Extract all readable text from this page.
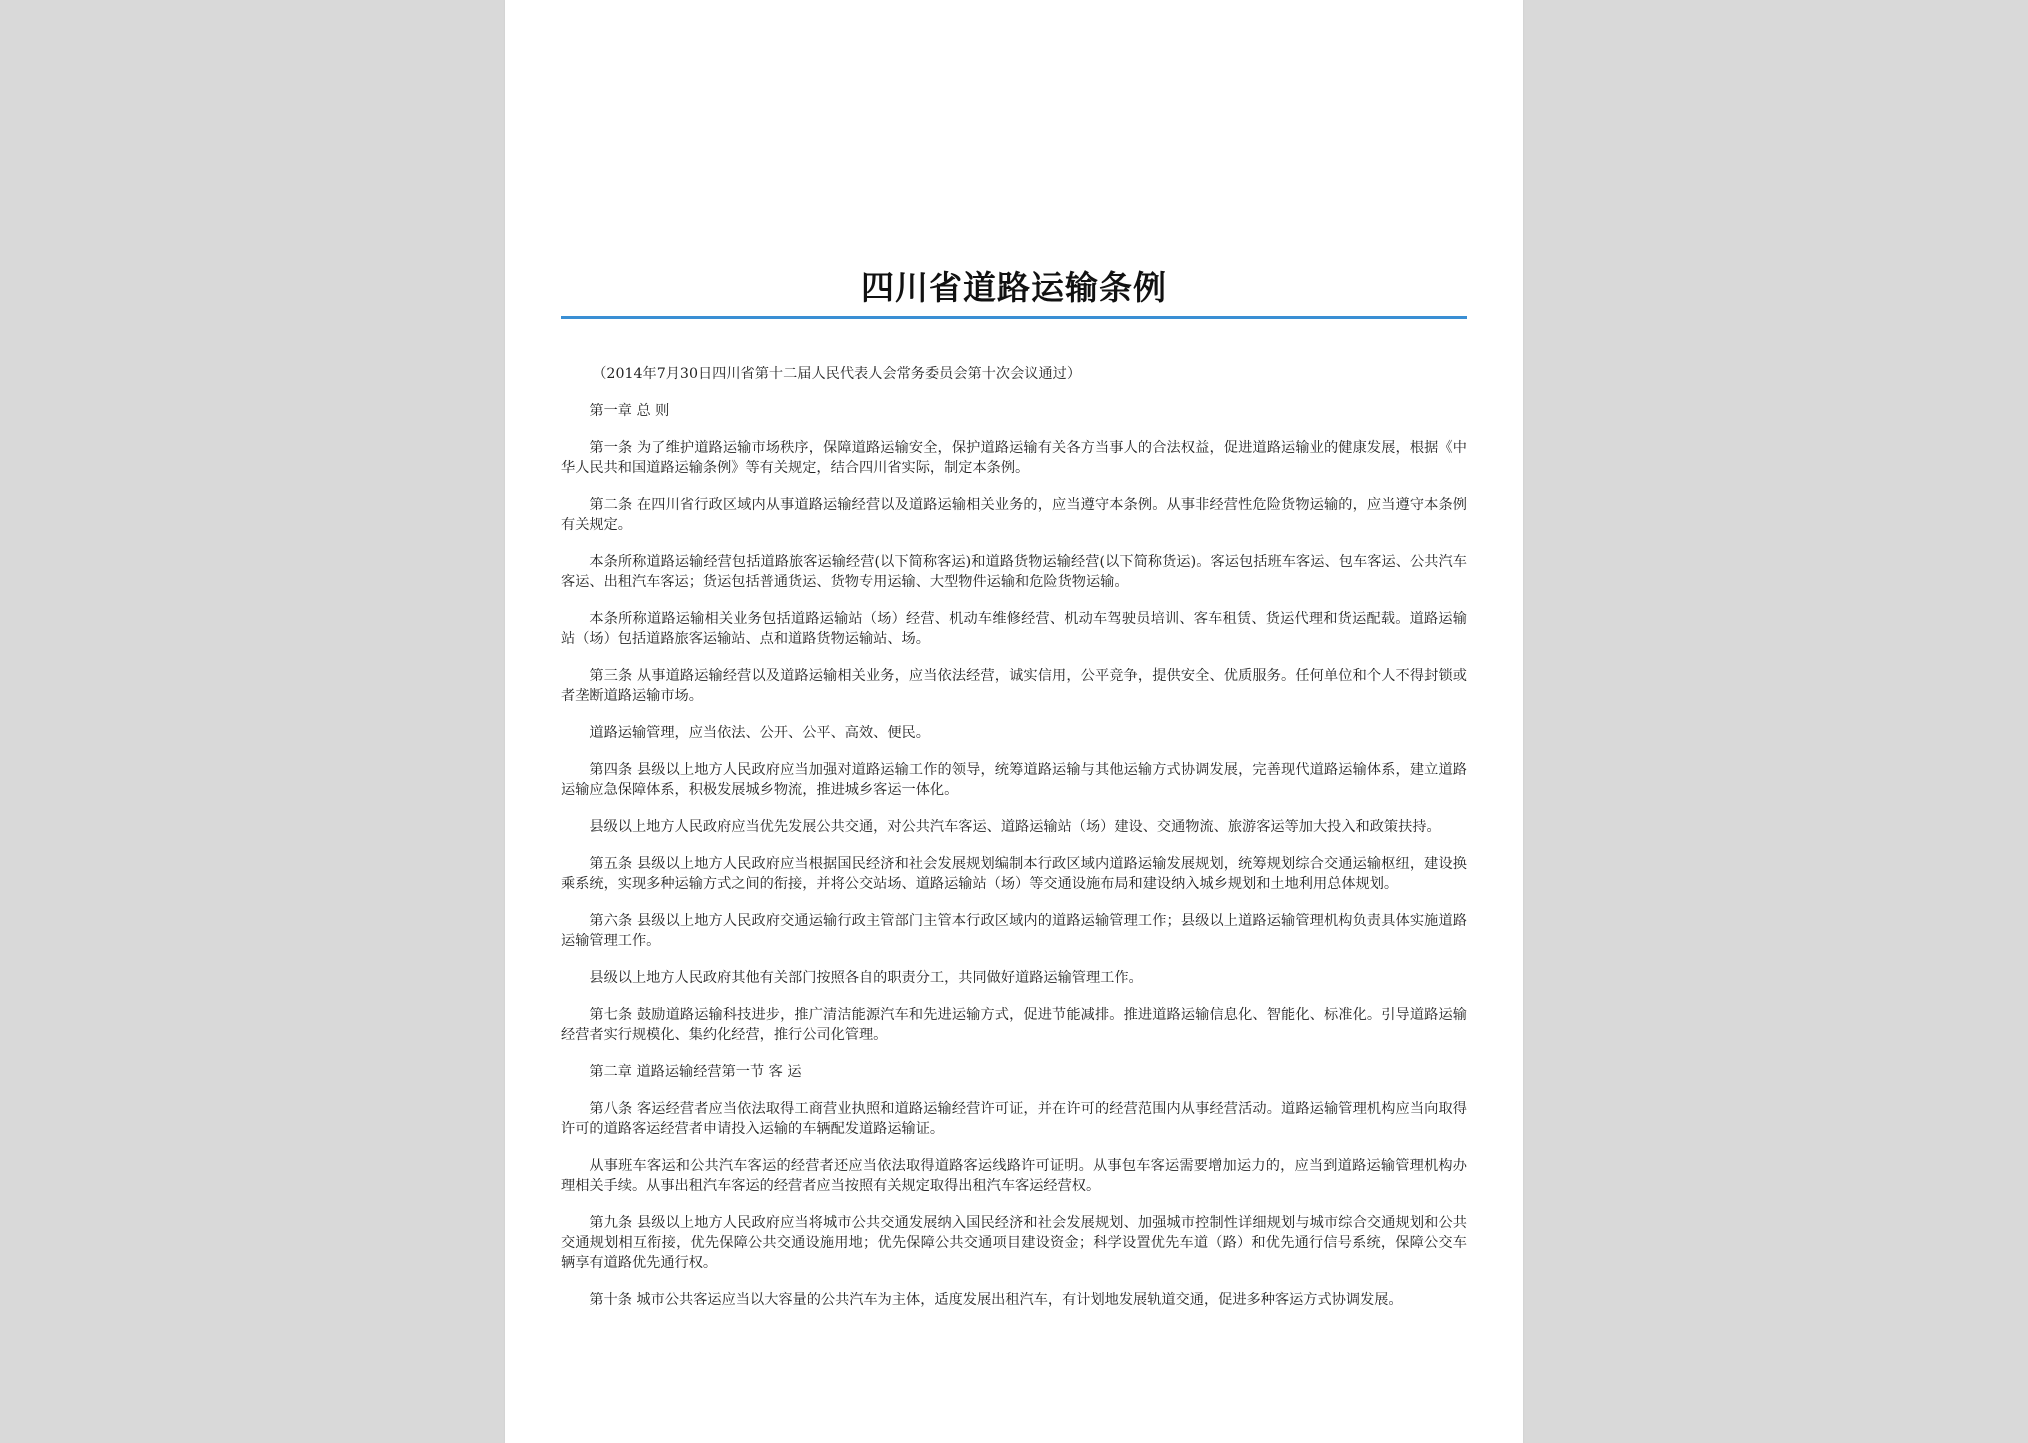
四川省道路运输条例

（2014年7月30日四川省第十二届人民代表人会常务委员会第十次会议通过）

第一章 总 则

第一条 为了维护道路运输市场秩序，保障道路运输安全，保护道路运输有关各方当事人的合法权益，促进道路运输业的健康发展，根据《中华人民共和国道路运输条例》等有关规定，结合四川省实际，制定本条例。

第二条 在四川省行政区域内从事道路运输经营以及道路运输相关业务的，应当遵守本条例。从事非经营性危险货物运输的，应当遵守本条例有关规定。

本条所称道路运输经营包括道路旅客运输经营(以下简称客运)和道路货物运输经营(以下简称货运)。客运包括班车客运、包车客运、公共汽车客运、出租汽车客运；货运包括普通货运、货物专用运输、大型物件运输和危险货物运输。

本条所称道路运输相关业务包括道路运输站（场）经营、机动车维修经营、机动车驾驶员培训、客车租赁、货运代理和货运配载。道路运输站（场）包括道路旅客运输站、点和道路货物运输站、场。

第三条 从事道路运输经营以及道路运输相关业务，应当依法经营，诚实信用，公平竞争，提供安全、优质服务。任何单位和个人不得封锁或者垄断道路运输市场。

道路运输管理，应当依法、公开、公平、高效、便民。

第四条 县级以上地方人民政府应当加强对道路运输工作的领导，统筹道路运输与其他运输方式协调发展，完善现代道路运输体系，建立道路运输应急保障体系，积极发展城乡物流，推进城乡客运一体化。

县级以上地方人民政府应当优先发展公共交通，对公共汽车客运、道路运输站（场）建设、交通物流、旅游客运等加大投入和政策扶持。

第五条 县级以上地方人民政府应当根据国民经济和社会发展规划编制本行政区域内道路运输发展规划，统筹规划综合交通运输枢纽，建设换乘系统，实现多种运输方式之间的衔接，并将公交站场、道路运输站（场）等交通设施布局和建设纳入城乡规划和土地利用总体规划。

第六条 县级以上地方人民政府交通运输行政主管部门主管本行政区域内的道路运输管理工作；县级以上道路运输管理机构负责具体实施道路运输管理工作。

县级以上地方人民政府其他有关部门按照各自的职责分工，共同做好道路运输管理工作。

第七条 鼓励道路运输科技进步，推广清洁能源汽车和先进运输方式，促进节能减排。推进道路运输信息化、智能化、标准化。引导道路运输经营者实行规模化、集约化经营，推行公司化管理。

第二章 道路运输经营第一节 客 运

第八条 客运经营者应当依法取得工商营业执照和道路运输经营许可证，并在许可的经营范围内从事经营活动。道路运输管理机构应当向取得许可的道路客运经营者申请投入运输的车辆配发道路运输证。

从事班车客运和公共汽车客运的经营者还应当依法取得道路客运线路许可证明。从事包车客运需要增加运力的，应当到道路运输管理机构办理相关手续。从事出租汽车客运的经营者应当按照有关规定取得出租汽车客运经营权。

第九条 县级以上地方人民政府应当将城市公共交通发展纳入国民经济和社会发展规划、加强城市控制性详细规划与城市综合交通规划和公共交通规划相互衔接，优先保障公共交通设施用地；优先保障公共交通项目建设资金；科学设置优先车道（路）和优先通行信号系统，保障公交车辆享有道路优先通行权。

第十条 城市公共客运应当以大容量的公共汽车为主体，适度发展出租汽车，有计划地发展轨道交通，促进多种客运方式协调发展。
